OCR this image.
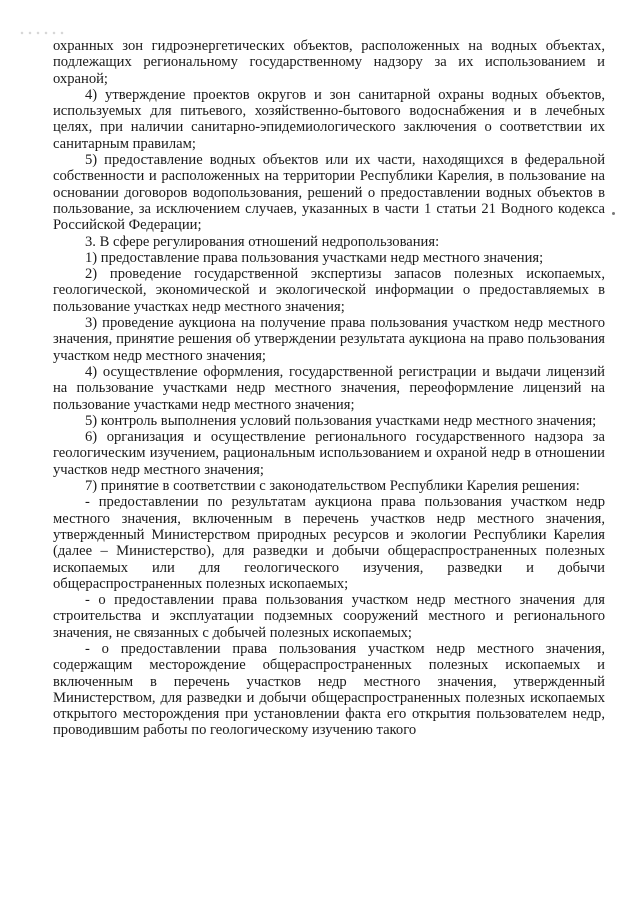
охранных зон гидроэнергетических объектов, расположенных на водных объектах, подлежащих региональному государственному надзору за их использованием и охраной;

4) утверждение проектов округов и зон санитарной охраны водных объектов, используемых для питьевого, хозяйственно-бытового водоснабжения и в лечебных целях, при наличии санитарно-эпидемиологического заключения о соответствии их санитарным правилам;

5) предоставление водных объектов или их части, находящихся в федеральной собственности и расположенных на территории Республики Карелия, в пользование на основании договоров водопользования, решений о предоставлении водных объектов в пользование, за исключением случаев, указанных в части 1 статьи 21 Водного кодекса Российской Федерации;

3. В сфере регулирования отношений недропользования:

1) предоставление права пользования участками недр местного значения;

2) проведение государственной экспертизы запасов полезных ископаемых, геологической, экономической и экологической информации о предоставляемых в пользование участках недр местного значения;

3) проведение аукциона на получение права пользования участком недр местного значения, принятие решения об утверждении результата аукциона на право пользования участком недр местного значения;

4) осуществление оформления, государственной регистрации и выдачи лицензий на пользование участками недр местного значения, переоформление лицензий на пользование участками недр местного значения;

5) контроль выполнения условий пользования участками недр местного значения;

6) организация и осуществление регионального государственного надзора за геологическим изучением, рациональным использованием и охраной недр в отношении участков недр местного значения;

7) принятие в соответствии с законодательством Республики Карелия решения:

- предоставлении по результатам аукциона права пользования участком недр местного значения, включенным в перечень участков недр местного значения, утвержденный Министерством природных ресурсов и экологии Республики Карелия (далее – Министерство), для разведки и добычи общераспространенных полезных ископаемых или для геологического изучения, разведки и добычи общераспространенных полезных ископаемых;

- о предоставлении права пользования участком недр местного значения для строительства и эксплуатации подземных сооружений местного и регионального значения, не связанных с добычей полезных ископаемых;

- о предоставлении права пользования участком недр местного значения, содержащим месторождение общераспространенных полезных ископаемых и включенным в перечень участков недр местного значения, утвержденный Министерством, для разведки и добычи общераспространенных полезных ископаемых открытого месторождения при установлении факта его открытия пользователем недр, проводившим работы по геологическому изучению такого
